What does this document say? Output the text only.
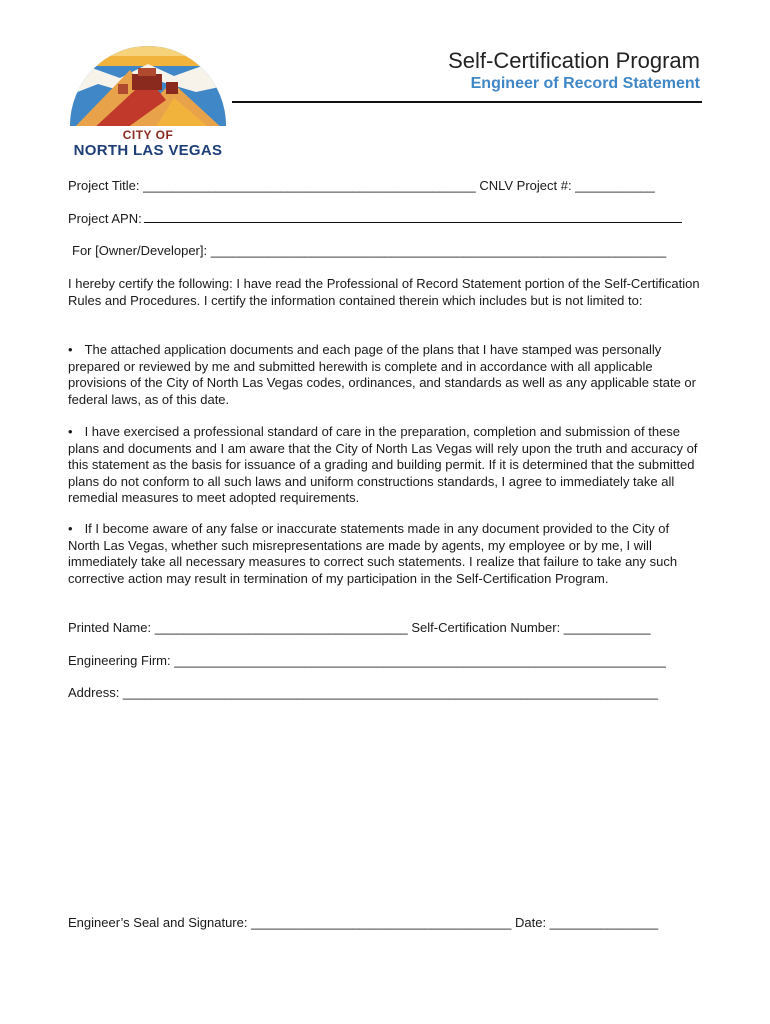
CITY OF
NORTH LAS VEGAS
Self-Certification Program
Engineer of Record Statement
Project Title: ______________________________________________ CNLV Project #: ___________
Project APN:
For [Owner/Developer]: _______________________________________________________________
I hereby certify the following: I have read the Professional of Record Statement portion of the Self-Certification Rules and Procedures. I certify the information contained therein which includes but is not limited to:
• The attached application documents and each page of the plans that I have stamped was personally prepared or reviewed by me and submitted herewith is complete and in accordance with all applicable provisions of the City of North Las Vegas codes, ordinances, and standards as well as any applicable state or federal laws, as of this date.
• I have exercised a professional standard of care in the preparation, completion and submission of these plans and documents and I am aware that the City of North Las Vegas will rely upon the truth and accuracy of this statement as the basis for issuance of a grading and building permit. If it is determined that the submitted plans do not conform to all such laws and uniform constructions standards, I agree to immediately take all remedial measures to meet adopted requirements.
• If I become aware of any false or inaccurate statements made in any document provided to the City of North Las Vegas, whether such misrepresentations are made by agents, my employee or by me, I will immediately take all necessary measures to correct such statements. I realize that failure to take any such corrective action may result in termination of my participation in the Self-Certification Program.
Printed Name: ___________________________________ Self-Certification Number: ____________
Engineering Firm: ____________________________________________________________________
Address: __________________________________________________________________________
Engineer’s Seal and Signature: ____________________________________ Date: _______________
